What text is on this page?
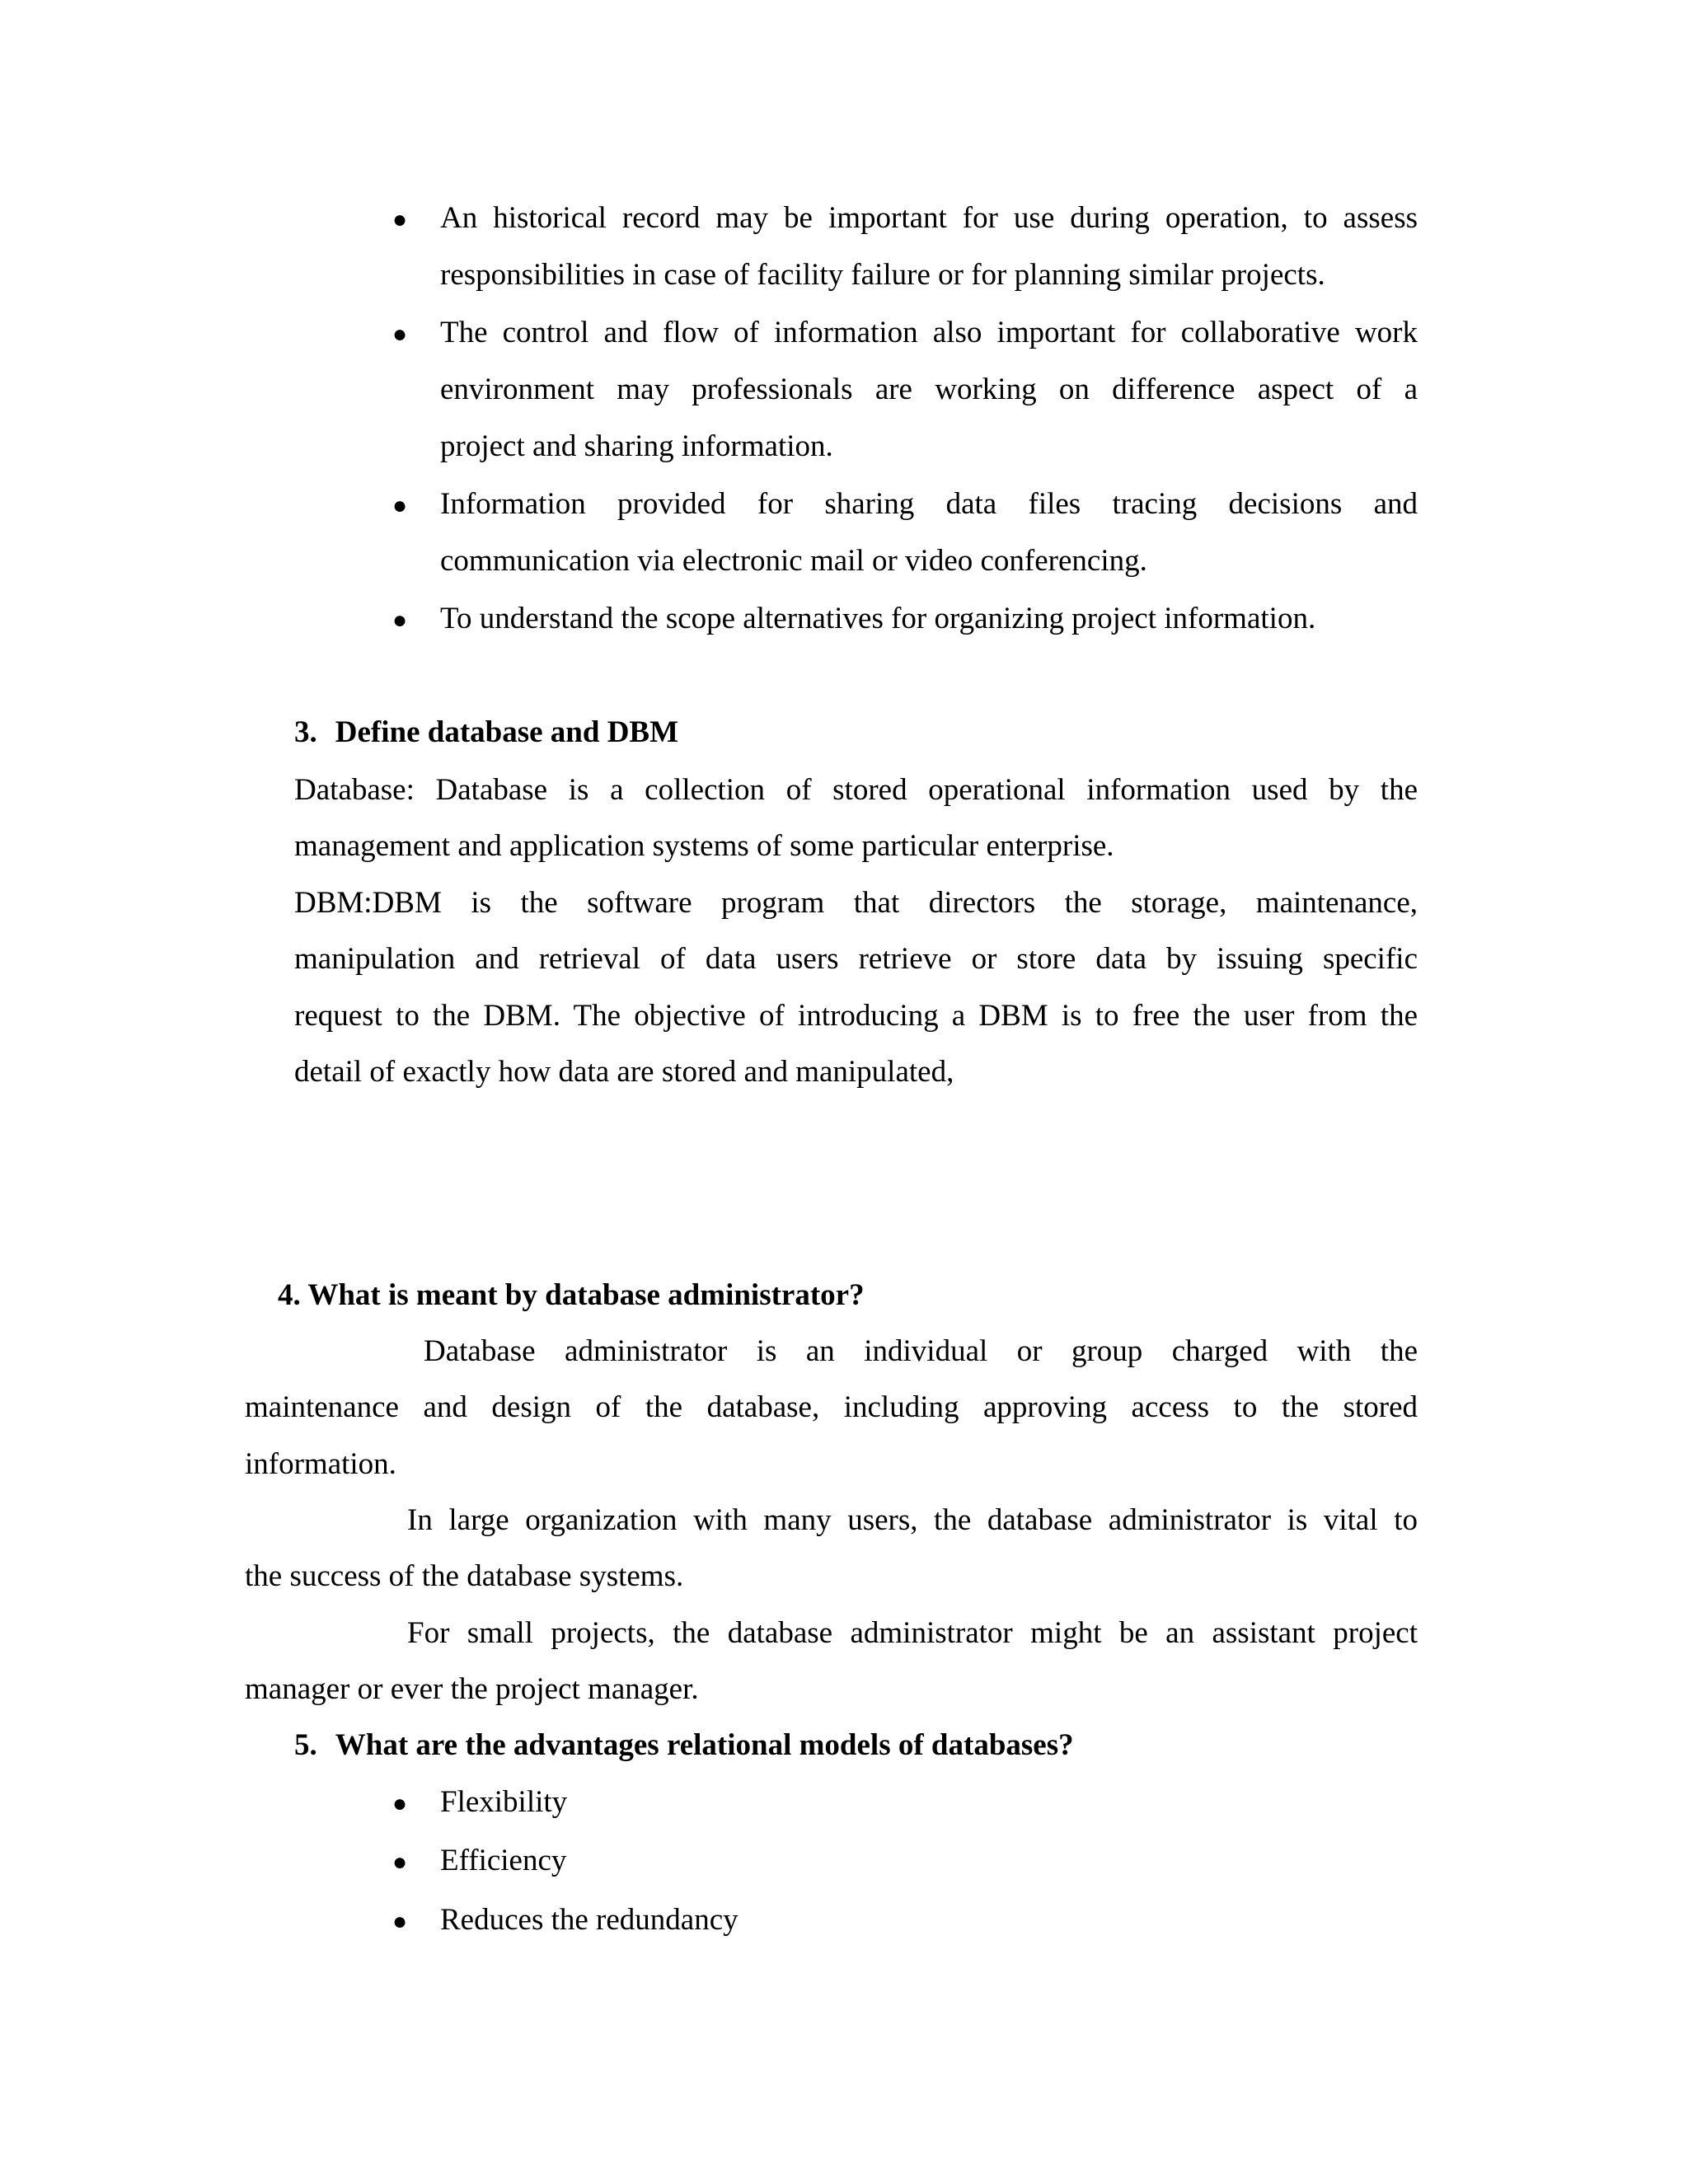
● An historical record may be important for use during operation, to assess
responsibilities in case of facility failure or for planning similar projects.
● The control and flow of information also important for collaborative work
environment may professionals are working on difference aspect of a
project and sharing information.
● Information provided for sharing data files tracing decisions and
communication via electronic mail or video conferencing.
● To understand the scope alternatives for organizing project information.
3. Define database and DBM
Database: Database is a collection of stored operational information used by the
management and application systems of some particular enterprise.
DBM:DBM is the software program that directors the storage, maintenance,
manipulation and retrieval of data users retrieve or store data by issuing specific
request to the DBM. The objective of introducing a DBM is to free the user from the
detail of exactly how data are stored and manipulated,
4. What is meant by database administrator?
Database administrator is an individual or group charged with the
maintenance and design of the database, including approving access to the stored
information.
In large organization with many users, the database administrator is vital to
the success of the database systems.
For small projects, the database administrator might be an assistant project
manager or ever the project manager.
5. What are the advantages relational models of databases?
● Flexibility
● Efficiency
● Reduces the redundancy
